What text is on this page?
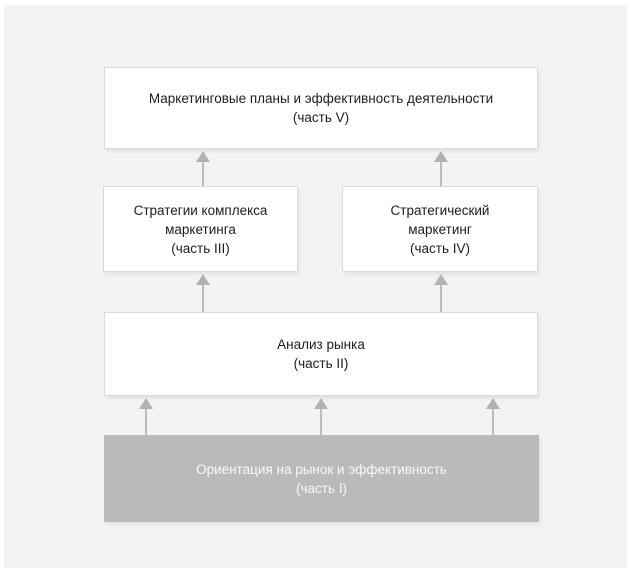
Маркетинговые планы и эффективность деятельности
(часть V)
Стратегии комплекса
маркетинга
(часть III)
Стратегический
маркетинг
(часть IV)
Анализ рынка
(часть II)
Ориентация на рынок и эффективность
(часть I)
